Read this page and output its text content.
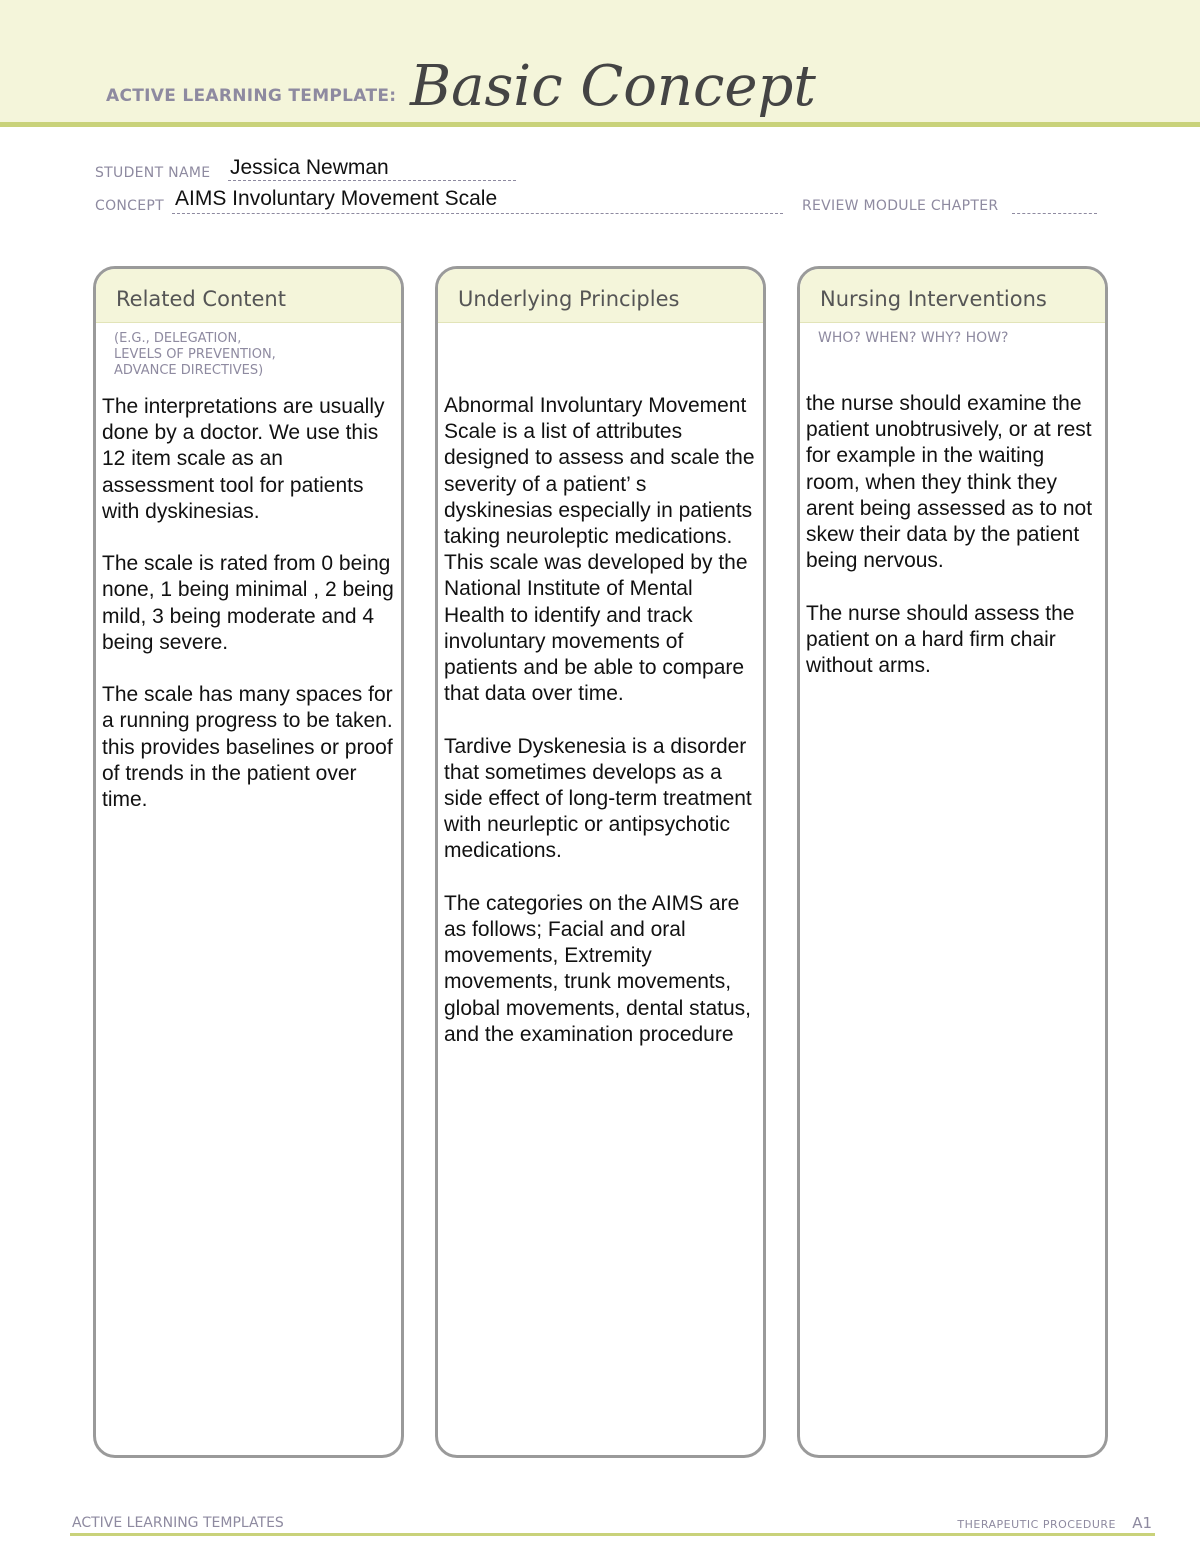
ACTIVE LEARNING TEMPLATE: Basic Concept
STUDENT NAME Jessica Newman
CONCEPT AIMS Involuntary Movement Scale	REVIEW MODULE CHAPTER
Related Content
(E.G., DELEGATION,
LEVELS OF PREVENTION,
ADVANCE DIRECTIVES)

The interpretations are usually done by a doctor. We use this 12 item scale as an assessment tool for patients with dyskinesias.

The scale is rated from 0 being none, 1 being minimal , 2 being mild, 3 being moderate and 4 being severe.

The scale has many spaces for a running progress to be taken. this provides baselines or proof of trends in the patient over time.

Underlying Principles

Abnormal Involuntary Movement Scale is a list of attributes designed to assess and scale the severity of a patient’ s dyskinesias especially in patients taking neuroleptic medications. This scale was developed by the National Institute of Mental Health to identify and track involuntary movements of patients and be able to compare that data over time.

Tardive Dyskenesia is a disorder that sometimes develops as a side effect of long-term treatment with neurleptic or antipsychotic medications.

The categories on the AIMS are as follows; Facial and oral movements, Extremity movements, trunk movements, global movements, dental status, and the examination procedure

Nursing Interventions
WHO? WHEN? WHY? HOW?

the nurse should examine the patient unobtrusively, or at rest for example in the waiting room, when they think they arent being assessed as to not skew their data by the patient being nervous.

The nurse should assess the patient on a hard firm chair without arms.

ACTIVE LEARNING TEMPLATES	THERAPEUTIC PROCEDURE A1
